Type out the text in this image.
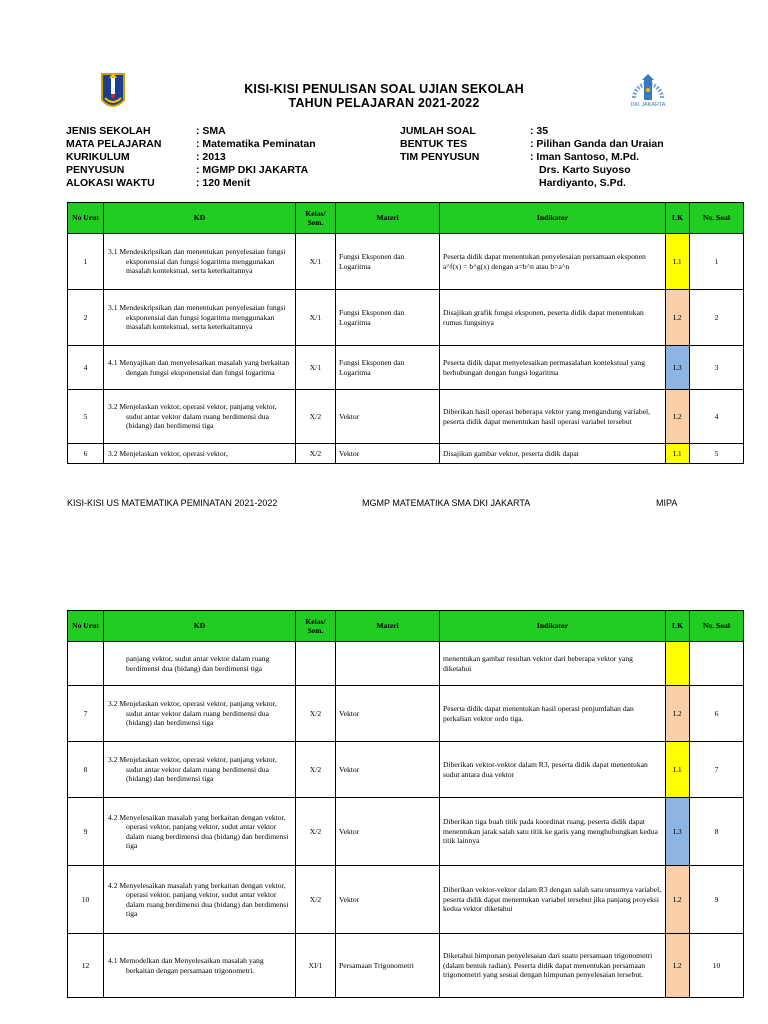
KISI-KISI PENULISAN SOAL UJIAN SEKOLAH
TAHUN PELAJARAN 2021-2022	DKI JAKARTA
JENIS SEKOLAH	: SMA
MATA PELAJARAN	: Matematika Peminatan
KURIKULUM	: 2013
PENYUSUN	: MGMP DKI JAKARTA
ALOKASI WAKTU	: 120 Menit
JUMLAH SOAL	: 35
BENTUK TES	: Pilihan Ganda dan Uraian
TIM PENYUSUN	: Iman Santoso, M.Pd.
Drs. Karto Suyoso
Hardiyanto, S.Pd.
No Urut	KD	Kelas/ Sem.	Materi	Indikator	LK	No. Soal
1	3.1 Mendeskripsikan dan menentukan penyelesaian fungsi eksponensial dan fungsi logaritma menggunakan masalah kontekstual, serta keterkaitannya	X/1	Fungsi Eksponen dan Logaritma	Peserta didik dapat menentukan penyelesaian persamaan eksponen a^f(x) = b^g(x) dengan a=b^n atau b=a^n	L1	1
2	3.1 Mendeskripsikan dan menentukan penyelesaian fungsi eksponensial dan fungsi logaritma menggunakan masalah kontekstual, serta keterkaitannya	X/1	Fungsi Eksponen dan Logaritma	Disajikan grafik fungsi eksponen, peserta didik dapat menentukan rumus fungsinya	L2	2
4	4.1 Menyajikan dan menyelesaikan masalah yang berkaitan dengan fungsi eksponensial dan fungsi logaritma	X/1	Fungsi Eksponen dan Logaritma	Peserta didik dapat menyelesaikan permasalahan kontekstual yang berhubungan dengan fungsi logaritma	L3	3
5	3.2 Menjelaskan vektor, operasi vektor, panjang vektor, sudut antar vektor dalam ruang berdimensi dua (bidang) dan berdimensi tiga	X/2	Vektor	Diberikan hasil operasi beberapa vektor yang mengandung variabel, peserta didik dapat menentukan hasil operasi variabel tersebut	L2	4
6	3.2 Menjelaskan vektor, operasi vektor,	X/2	Vektor	Disajikan gambar vektor, peserta didik dapat	L1	5
KISI-KISI US MATEMATIKA PEMINATAN 2021-2022	MGMP MATEMATIKA SMA DKI JAKARTA	MIPA
No Urut	KD	Kelas/ Sem.	Materi	Indikator	LK	No. Soal
	panjang vektor, sudut antar vektor dalam ruang berdimensi dua (bidang) dan berdimensi tiga			menentukan gambar resultan vektor dari beberapa vektor yang diketahui		
7	3.2 Menjelaskan vektor, operasi vektor, panjang vektor, sudut antar vektor dalam ruang berdimensi dua (bidang) dan berdimensi tiga	X/2	Vektor	Peserta didik dapat menentukan hasil operasi penjumlahan dan perkalian vektor ordo tiga.	L2	6
8	3.2 Menjelaskan vektor, operasi vektor, panjang vektor, sudut antar vektor dalam ruang berdimensi dua (bidang) dan berdimensi tiga	X/2	Vektor	Diberikan vektor-vektor dalam R3, peserta didik dapat menentukan sudut antara dua vektor	L1	7
9	4.2 Menyelesaikan masalah yang berkaitan dengan vektor, operasi vektor, panjang vektor, sudut antar vektor dalam ruang berdimensi dua (bidang) dan berdimensi tiga	X/2	Vektor	Diberikan tiga buah titik pada koordinat ruang, peserta didik dapat menentukan jarak salah satu titik ke garis yang menghubungkan kedua titik lainnya	L3	8
10	4.2 Menyelesaikan masalah yang berkaitan dengan vektor, operasi vektor, panjang vektor, sudut antar vektor dalam ruang berdimensi dua (bidang) dan berdimensi tiga	X/2	Vektor	Diberikan vektor-vektor dalam R3 dengan salah satu unsurnya variabel, peserta didik dapat menentukan variabel tersebut jika panjang proyeksi kedua vektor diketahui	L2	9
12	4.1 Memodelkan dan Menyelesaikan masalah yang berkaitan dengan persamaan trigonometri.	XI/1	Persamaan Trigonometri	Diketahui himpunan penyelesaian dari suatu persamaan trigonometri (dalam bentuk radian). Peserta didik dapat menentukan persamaan trigonometri yang sesuai dengan himpunan penyelesaian tersebut.	L2	10
